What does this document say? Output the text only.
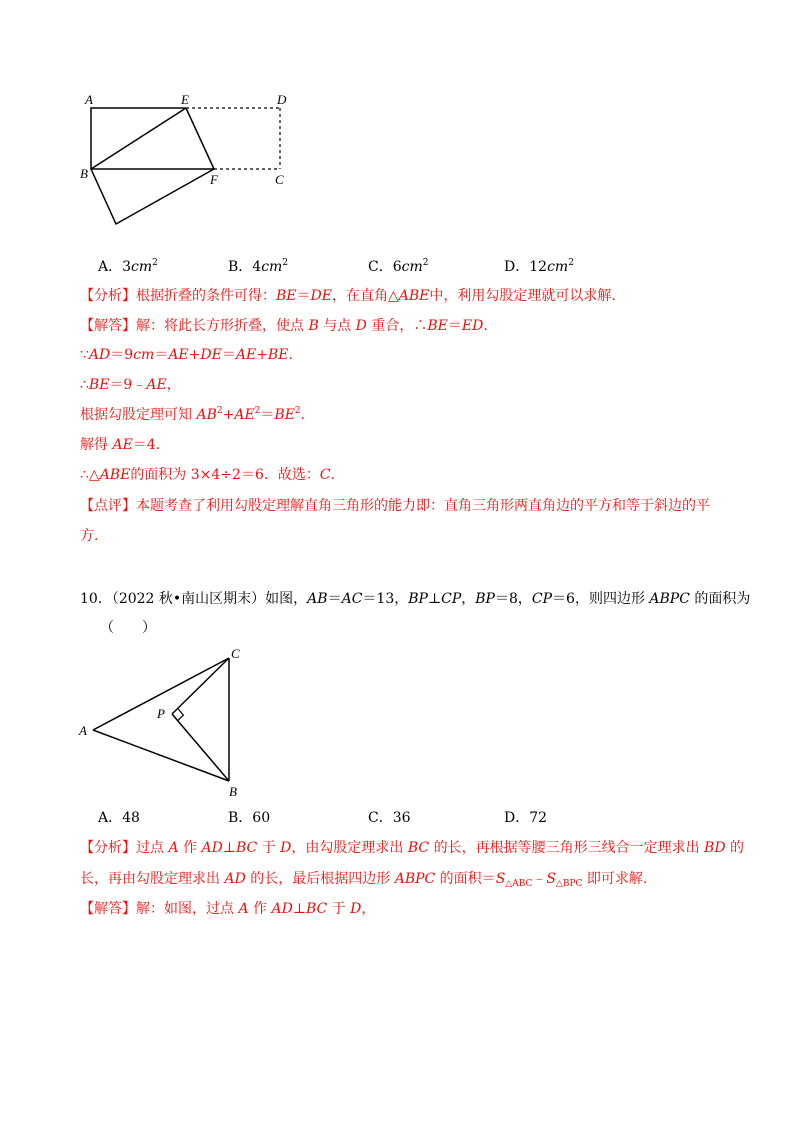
A	E	D
B	F	C
A．$3cm^2$	B．$4cm^2$	C．$6cm^2$	D．$12cm^2$
【分析】根据折叠的条件可得：BE＝DE，在直角△ABE中，利用勾股定理就可以求解.
【解答】解：将此长方形折叠，使点 B 与点 D 重合，∴BE＝ED.
∵AD＝9cm＝AE+DE＝AE+BE.
∴BE＝9﹣AE，
根据勾股定理可知 $AB^2+AE^2=BE^2$.
解得 AE＝4.
∴△ABE的面积为 3×4÷2＝6．故选：C.
【点评】本题考查了利用勾股定理解直角三角形的能力即：直角三角形两直角边的平方和等于斜边的平
方.
10．（2022 秋•南山区期末）如图，AB＝AC＝13，BP⊥CP，BP＝8，CP＝6，则四边形 ABPC 的面积为
（　　）
C
P
A
B
A．48	B．60	C．36	D．72
【分析】过点 A 作 AD⊥BC 于 D，由勾股定理求出 BC 的长，再根据等腰三角形三线合一定理求出 BD 的
长，再由勾股定理求出 AD 的长，最后根据四边形 ABPC 的面积$=S_{\triangle ABC}﹣S_{\triangle BPC}$ 即可求解.
【解答】解：如图，过点 A 作 AD⊥BC 于 D，
